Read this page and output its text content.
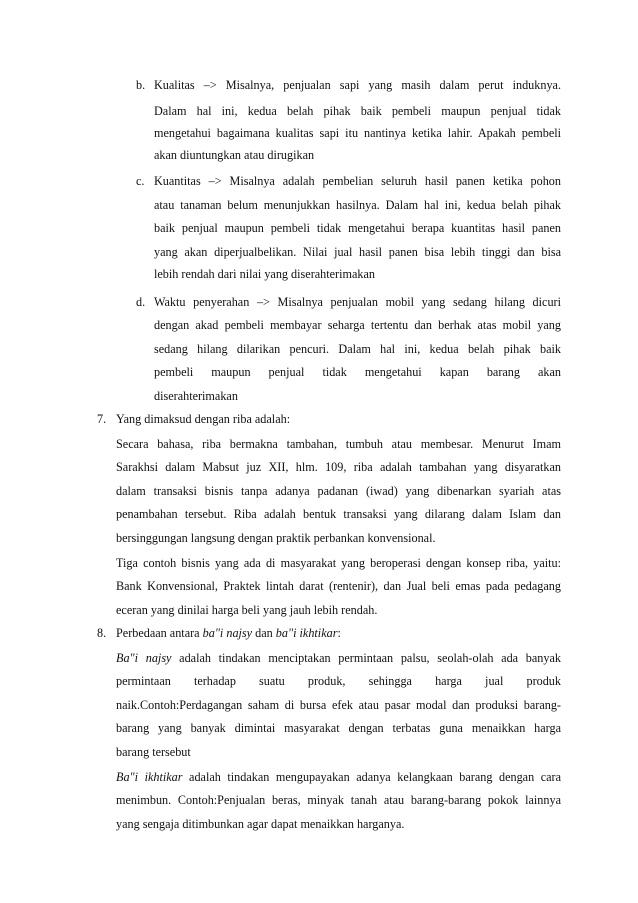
b. Kualitas –> Misalnya, penjualan sapi yang masih dalam perut induknya.
Dalam hal ini, kedua belah pihak baik pembeli maupun penjual tidak
mengetahui bagaimana kualitas sapi itu nantinya ketika lahir. Apakah pembeli
akan diuntungkan atau dirugikan
c. Kuantitas –> Misalnya adalah pembelian seluruh hasil panen ketika pohon
atau tanaman belum menunjukkan hasilnya. Dalam hal ini, kedua belah pihak
baik penjual maupun pembeli tidak mengetahui berapa kuantitas hasil panen
yang akan diperjualbelikan. Nilai jual hasil panen bisa lebih tinggi dan bisa
lebih rendah dari nilai yang diserahterimakan
d. Waktu penyerahan –> Misalnya penjualan mobil yang sedang hilang dicuri
dengan akad pembeli membayar seharga tertentu dan berhak atas mobil yang
sedang hilang dilarikan pencuri. Dalam hal ini, kedua belah pihak baik
pembeli maupun penjual tidak mengetahui kapan barang akan
diserahterimakan
7. Yang dimaksud dengan riba adalah:
Secara bahasa, riba bermakna tambahan, tumbuh atau membesar. Menurut Imam
Sarakhsi dalam Mabsut juz XII, hlm. 109, riba adalah tambahan yang disyaratkan
dalam transaksi bisnis tanpa adanya padanan (iwad) yang dibenarkan syariah atas
penambahan tersebut. Riba adalah bentuk transaksi yang dilarang dalam Islam dan
bersinggungan langsung dengan praktik perbankan konvensional.
Tiga contoh bisnis yang ada di masyarakat yang beroperasi dengan konsep riba, yaitu:
Bank Konvensional, Praktek lintah darat (rentenir), dan Jual beli emas pada pedagang
eceran yang dinilai harga beli yang jauh lebih rendah.
8. Perbedaan antara ba"i najsy dan ba"i ikhtikar:
Ba"i najsy adalah tindakan menciptakan permintaan palsu, seolah-olah ada banyak
permintaan terhadap suatu produk, sehingga harga jual produk
naik.Contoh:Perdagangan saham di bursa efek atau pasar modal dan produksi barang-
barang yang banyak dimintai masyarakat dengan terbatas guna menaikkan harga
barang tersebut
Ba"i ikhtikar adalah tindakan mengupayakan adanya kelangkaan barang dengan cara
menimbun. Contoh:Penjualan beras, minyak tanah atau barang-barang pokok lainnya
yang sengaja ditimbunkan agar dapat menaikkan harganya.
